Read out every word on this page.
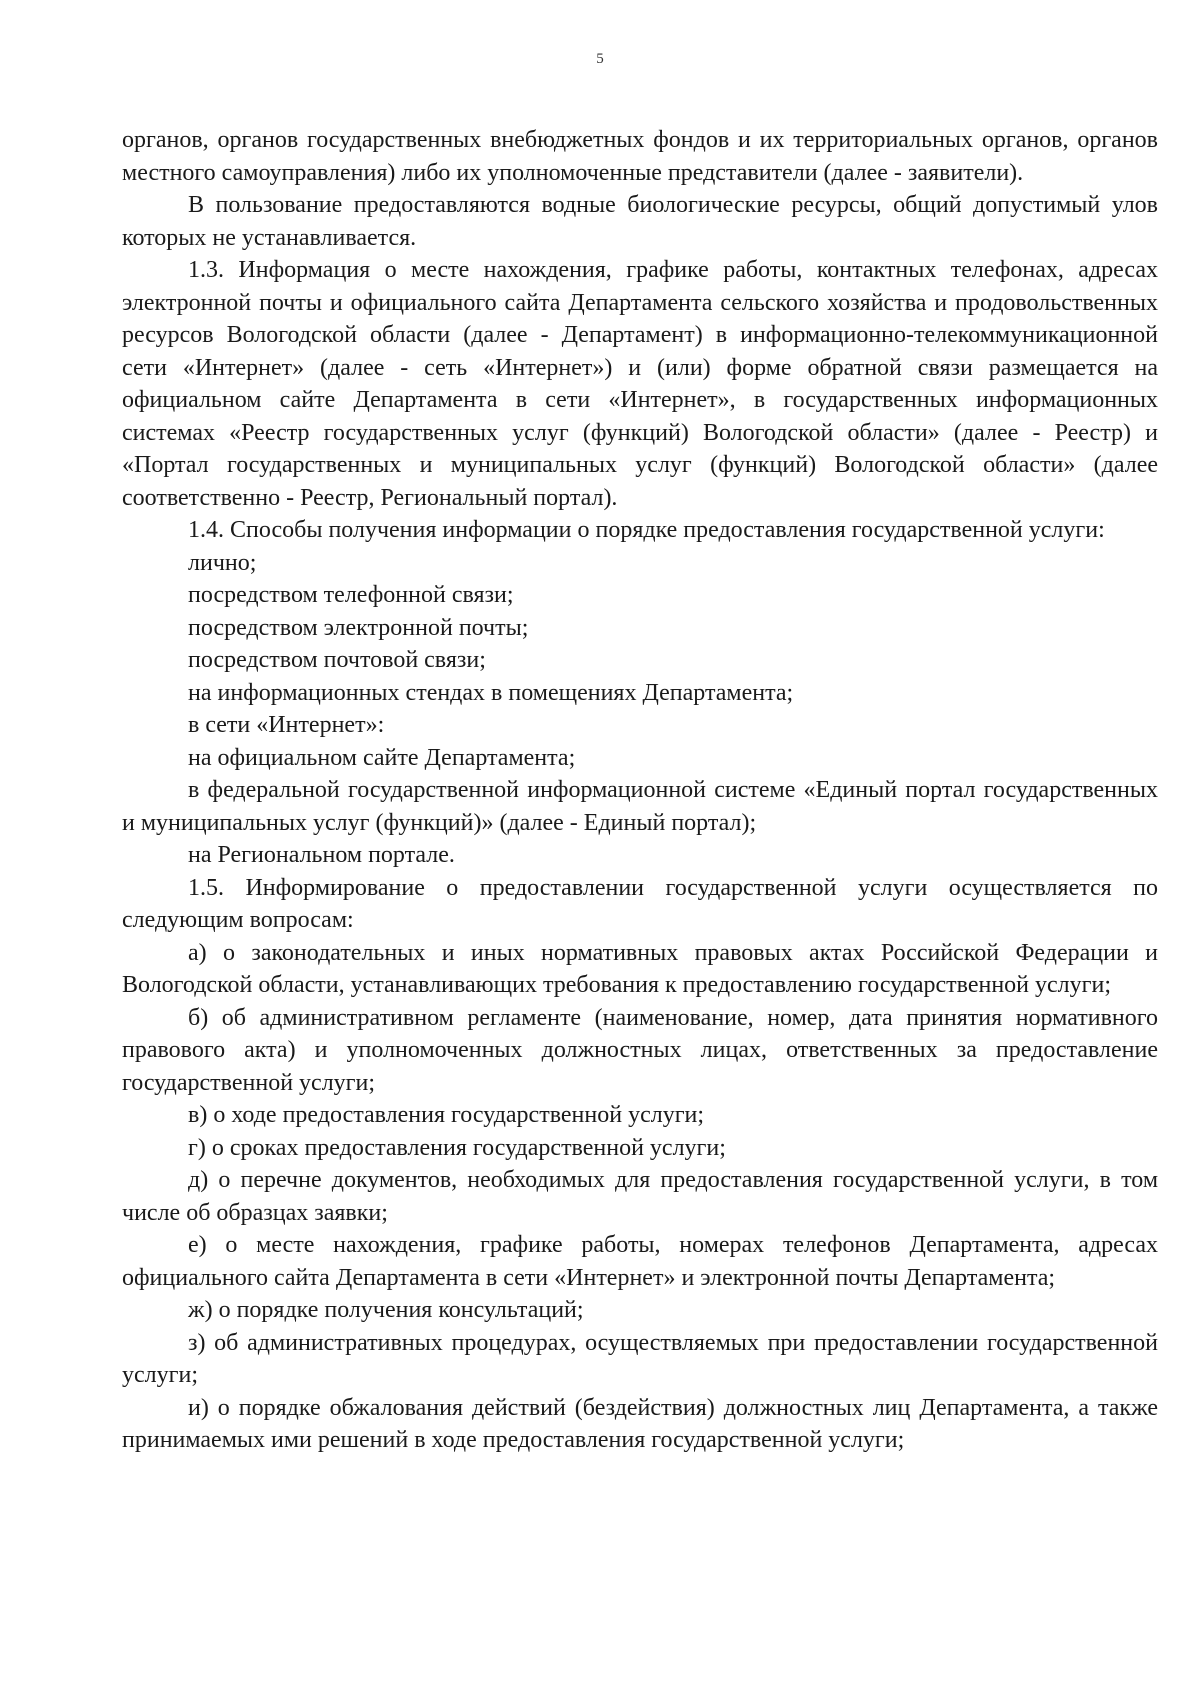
5

органов, органов государственных внебюджетных фондов и их территориальных органов, органов местного самоуправления) либо их уполномоченные представители (далее - заявители).

В пользование предоставляются водные биологические ресурсы, общий допустимый улов которых не устанавливается.

1.3. Информация о месте нахождения, графике работы, контактных телефонах, адресах электронной почты и официального сайта Департамента сельского хозяйства и продовольственных ресурсов Вологодской области (далее - Департамент) в информационно-телекоммуникационной сети «Интернет» (далее - сеть «Интернет») и (или) форме обратной связи размещается на официальном сайте Департамента в сети «Интернет», в государственных информационных системах «Реестр государственных услуг (функций) Вологодской области» (далее - Реестр) и «Портал государственных и муниципальных услуг (функций) Вологодской области» (далее соответственно - Реестр, Региональный портал).

1.4. Способы получения информации о порядке предоставления государственной услуги:

лично;

посредством телефонной связи;

посредством электронной почты;

посредством почтовой связи;

на информационных стендах в помещениях Департамента;

в сети «Интернет»:

на официальном сайте Департамента;

в федеральной государственной информационной системе «Единый портал государственных и муниципальных услуг (функций)» (далее - Единый портал);

на Региональном портале.

1.5. Информирование о предоставлении государственной услуги осуществляется по следующим вопросам:

а) о законодательных и иных нормативных правовых актах Российской Федерации и Вологодской области, устанавливающих требования к предоставлению государственной услуги;

б) об административном регламенте (наименование, номер, дата принятия нормативного правового акта) и уполномоченных должностных лицах, ответственных за предоставление государственной услуги;

в) о ходе предоставления государственной услуги;

г) о сроках предоставления государственной услуги;

д) о перечне документов, необходимых для предоставления государственной услуги, в том числе об образцах заявки;

е) о месте нахождения, графике работы, номерах телефонов Департамента, адресах официального сайта Департамента в сети «Интернет» и электронной почты Департамента;

ж) о порядке получения консультаций;

з) об административных процедурах, осуществляемых при предоставлении государственной услуги;

и) о порядке обжалования действий (бездействия) должностных лиц Департамента, а также принимаемых ими решений в ходе предоставления государственной услуги;
